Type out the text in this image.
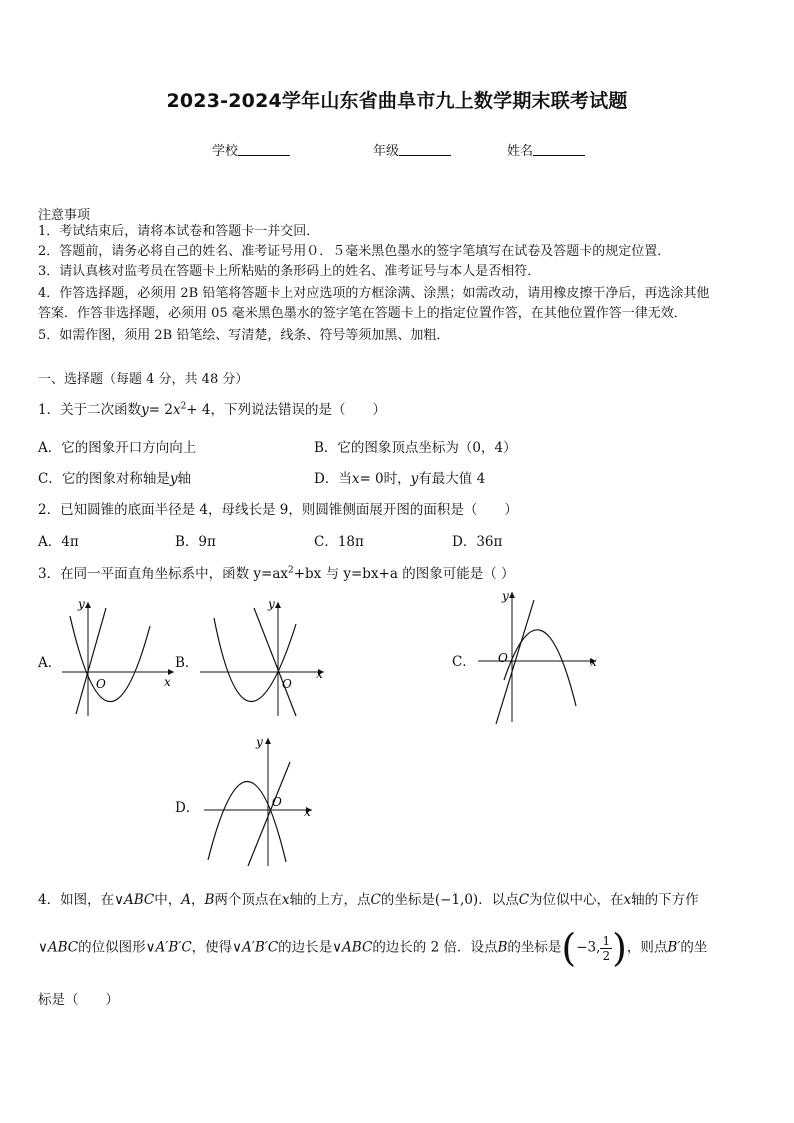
2023-2024学年山东省曲阜市九上数学期末联考试题
学校	年级	姓名
注意事项
1．考试结束后，请将本试卷和答题卡一并交回．
2．答题前，请务必将自己的姓名、准考证号用０．５毫米黑色墨水的签字笔填写在试卷及答题卡的规定位置．
3．请认真核对监考员在答题卡上所粘贴的条形码上的姓名、准考证号与本人是否相符．
4．作答选择题，必须用 2B 铅笔将答题卡上对应选项的方框涂满、涂黑；如需改动，请用橡皮擦干净后，再选涂其他
答案．作答非选择题，必须用 05 毫米黑色墨水的签字笔在答题卡上的指定位置作答，在其他位置作答一律无效．
5．如需作图，须用 2B 铅笔绘、写清楚，线条、符号等须加黑、加粗．
一、选择题（每题 4 分，共 48 分）
1．关于二次函数$y= 2x^2+ 4$，下列说法错误的是（　　）
A．它的图象开口方向向上	B．它的图象顶点坐标为（0，4）
C．它的图象对称轴是y轴	D．当x= 0时，y有最大值 4
2．已知圆锥的底面半径是 4，母线长是 9，则圆锥侧面展开图的面积是（　　）
A．4π	B．9π	C．18π	D．36π
3．在同一平面直角坐标系中，函数 $y=ax^2+bx$ 与 y=bx+a 的图象可能是（ ）
A．
y
x
O
B．
y
x
O
C．
y
x
O
D．
y
x
O
4．如图，在∨ABC中，A，B两个顶点在x轴的上方，点C的坐标是(−1,0)．以点C为位似中心，在x轴的下方作
∨ABC的位似图形∨A′B′C，使得∨A′B′C的边长是∨ABC的边长的 2 倍．设点B的坐标是(−3, $\frac{1}{2}$ )，则点B′的坐
标是（　　）
